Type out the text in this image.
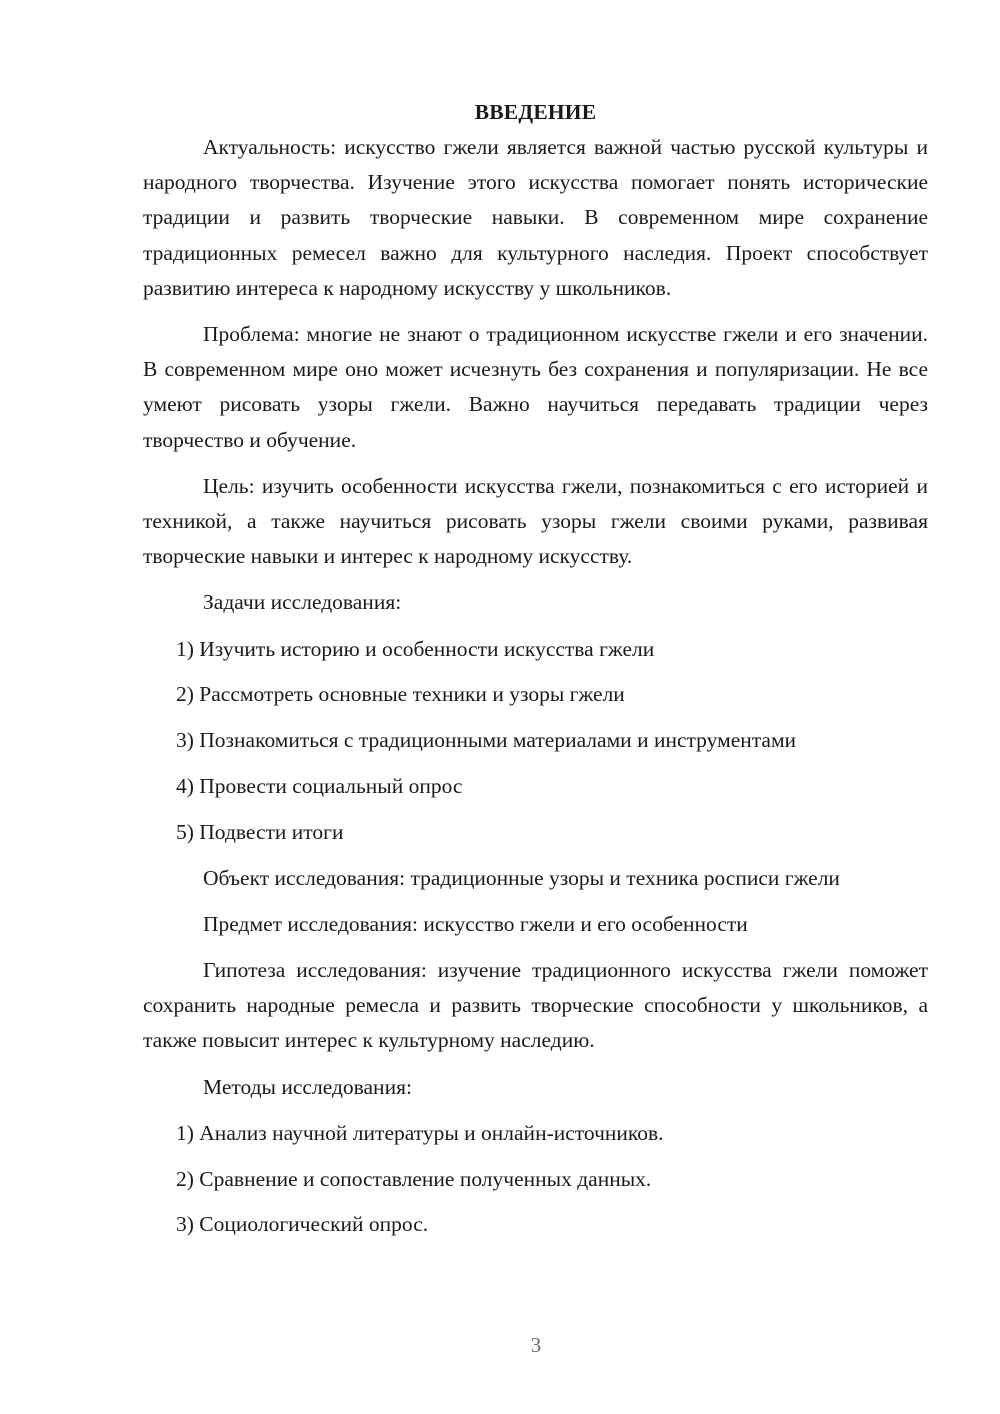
ВВЕДЕНИЕ

Актуальность: искусство гжели является важной частью русской культуры и народного творчества. Изучение этого искусства помогает понять исторические традиции и развить творческие навыки. В современном мире сохранение традиционных ремесел важно для культурного наследия. Проект способствует развитию интереса к народному искусству у школьников.

Проблема: многие не знают о традиционном искусстве гжели и его значении. В современном мире оно может исчезнуть без сохранения и популяризации. Не все умеют рисовать узоры гжели. Важно научиться передавать традиции через творчество и обучение.

Цель: изучить особенности искусства гжели, познакомиться с его историей и техникой, а также научиться рисовать узоры гжели своими руками, развивая творческие навыки и интерес к народному искусству.

Задачи исследования:

1) Изучить историю и особенности искусства гжели
2) Рассмотреть основные техники и узоры гжели
3) Познакомиться с традиционными материалами и инструментами
4) Провести социальный опрос
5) Подвести итоги

Объект исследования: традиционные узоры и техника росписи гжели

Предмет исследования: искусство гжели и его особенности

Гипотеза исследования: изучение традиционного искусства гжели поможет сохранить народные ремесла и развить творческие способности у школьников, а также повысит интерес к культурному наследию.

Методы исследования:

1) Анализ научной литературы и онлайн-источников.
2) Сравнение и сопоставление полученных данных.
3) Социологический опрос.
3
